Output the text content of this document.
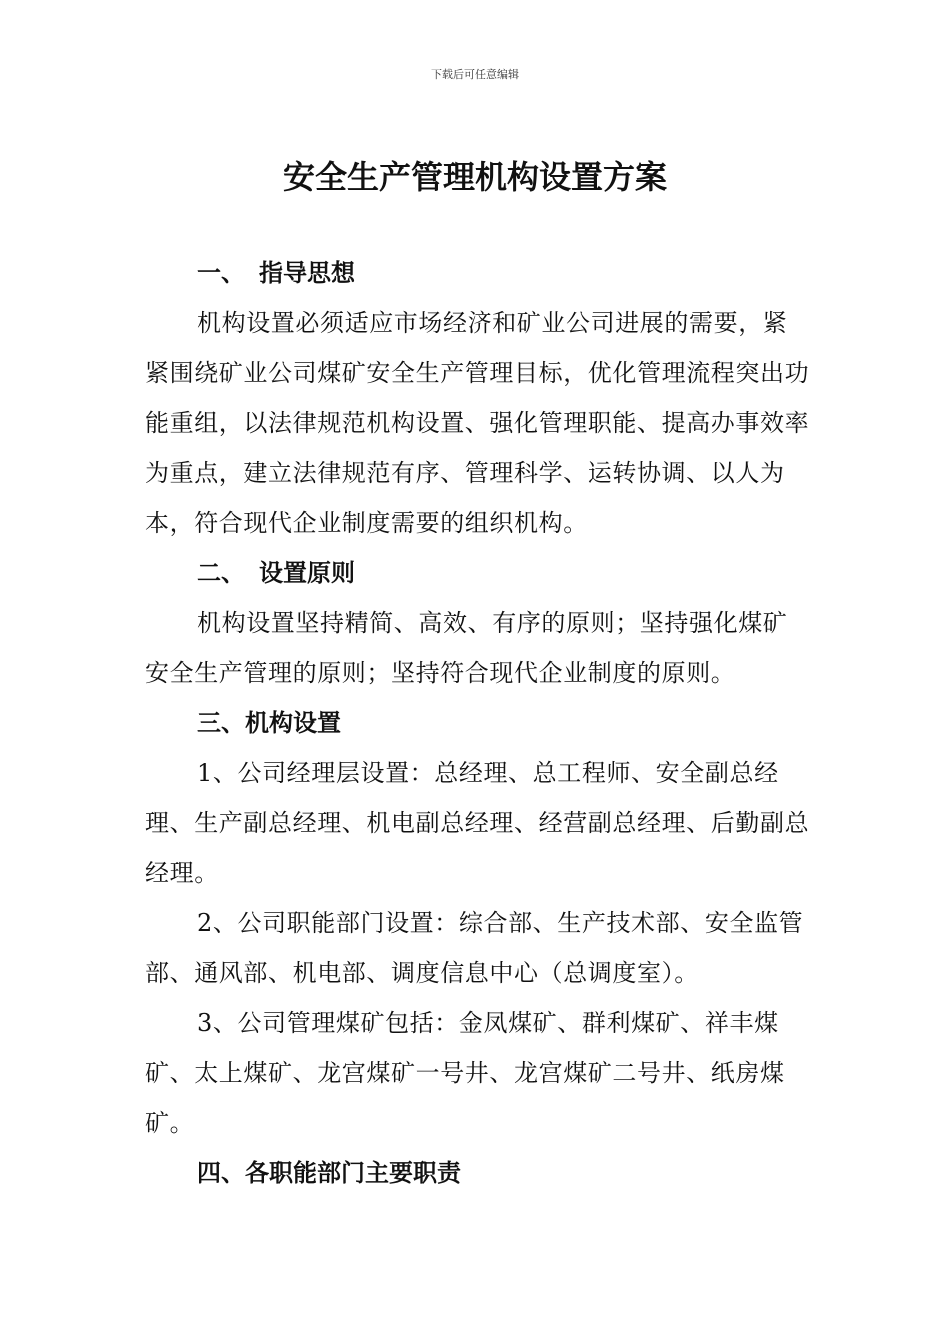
下载后可任意编辑
安全生产管理机构设置方案
一、 指导思想

机构设置必须适应市场经济和矿业公司进展的需要，紧紧围绕矿业公司煤矿安全生产管理目标，优化管理流程突出功能重组，以法律规范机构设置、强化管理职能、提高办事效率为重点，建立法律规范有序、管理科学、运转协调、以人为本，符合现代企业制度需要的组织机构。

二、 设置原则

机构设置坚持精简、高效、有序的原则；坚持强化煤矿安全生产管理的原则；坚持符合现代企业制度的原则。

三、机构设置

1、公司经理层设置：总经理、总工程师、安全副总经理、生产副总经理、机电副总经理、经营副总经理、后勤副总经理。

2、公司职能部门设置：综合部、生产技术部、安全监管部、通风部、机电部、调度信息中心（总调度室）。

3、公司管理煤矿包括：金凤煤矿、群利煤矿、祥丰煤矿、太上煤矿、龙宫煤矿一号井、龙宫煤矿二号井、纸房煤矿。

四、各职能部门主要职责
